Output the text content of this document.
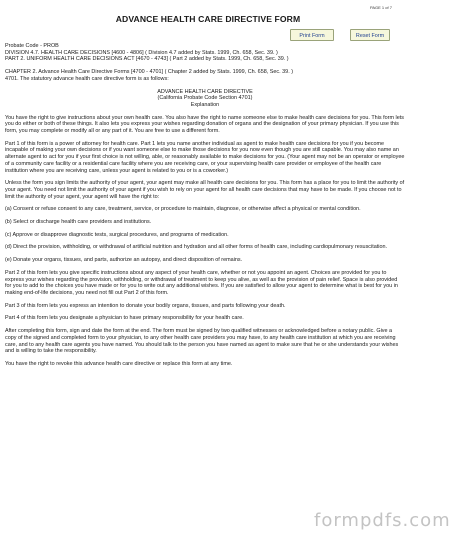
PAGE 1 of 7
ADVANCE HEALTH CARE DIRECTIVE FORM
Print Form	Reset Form

Probate Code - PROB

DIVISION 4.7. HEALTH CARE DECISIONS [4600 - 4806] ( Division 4.7 added by Stats. 1999, Ch. 658, Sec. 39. )

PART 2. UNIFORM HEALTH CARE DECISIONS ACT [4670 - 4743] ( Part 2 added by Stats. 1999, Ch. 658, Sec. 39. )

CHAPTER 2. Advance Health Care Directive Forms [4700 - 4701] ( Chapter 2 added by Stats. 1999, Ch. 658, Sec. 39. )

4701. The statutory advance health care directive form is as follows:

ADVANCE HEALTH CARE DIRECTIVE

(California Probate Code Section 4701)

Explanation

You have the right to give instructions about your own health care. You also have the right to name someone else to make health care decisions for you. This form lets you do either or both of these things. It also lets you express your wishes regarding donation of organs and the designation of your primary physician. If you use this form, you may complete or modify all or any part of it. You are free to use a different form.

Part 1 of this form is a power of attorney for health care. Part 1 lets you name another individual as agent to make health care decisions for you if you become incapable of making your own decisions or if you want someone else to make those decisions for you now even though you are still capable. You may also name an alternate agent to act for you if your first choice is not willing, able, or reasonably available to make decisions for you. (Your agent may not be an operator or employee of a community care facility or a residential care facility where you are receiving care, or your supervising health care provider or employee of the health care institution where you are receiving care, unless your agent is related to you or is a coworker.)

Unless the form you sign limits the authority of your agent, your agent may make all health care decisions for you. This form has a place for you to limit the authority of your agent. You need not limit the authority of your agent if you wish to rely on your agent for all health care decisions that may have to be made. If you choose not to limit the authority of your agent, your agent will have the right to:

(a) Consent or refuse consent to any care, treatment, service, or procedure to maintain, diagnose, or otherwise affect a physical or mental condition.

(b) Select or discharge health care providers and institutions.

(c) Approve or disapprove diagnostic tests, surgical procedures, and programs of medication.

(d) Direct the provision, withholding, or withdrawal of artificial nutrition and hydration and all other forms of health care, including cardiopulmonary resuscitation.

(e) Donate your organs, tissues, and parts, authorize an autopsy, and direct disposition of remains.

Part 2 of this form lets you give specific instructions about any aspect of your health care, whether or not you appoint an agent. Choices are provided for you to express your wishes regarding the provision, withholding, or withdrawal of treatment to keep you alive, as well as the provision of pain relief. Space is also provided for you to add to the choices you have made or for you to write out any additional wishes. If you are satisfied to allow your agent to determine what is best for you in making end-of-life decisions, you need not fill out Part 2 of this form.

Part 3 of this form lets you express an intention to donate your bodily organs, tissues, and parts following your death.

Part 4 of this form lets you designate a physician to have primary responsibility for your health care.

After completing this form, sign and date the form at the end. The form must be signed by two qualified witnesses or acknowledged before a notary public. Give a copy of the signed and completed form to your physician, to any other health care providers you may have, to any health care institution at which you are receiving care, and to any health care agents you have named. You should talk to the person you have named as agent to make sure that he or she understands your wishes and is willing to take the responsibility.

You have the right to revoke this advance health care directive or replace this form at any time.

formpdfs.com
